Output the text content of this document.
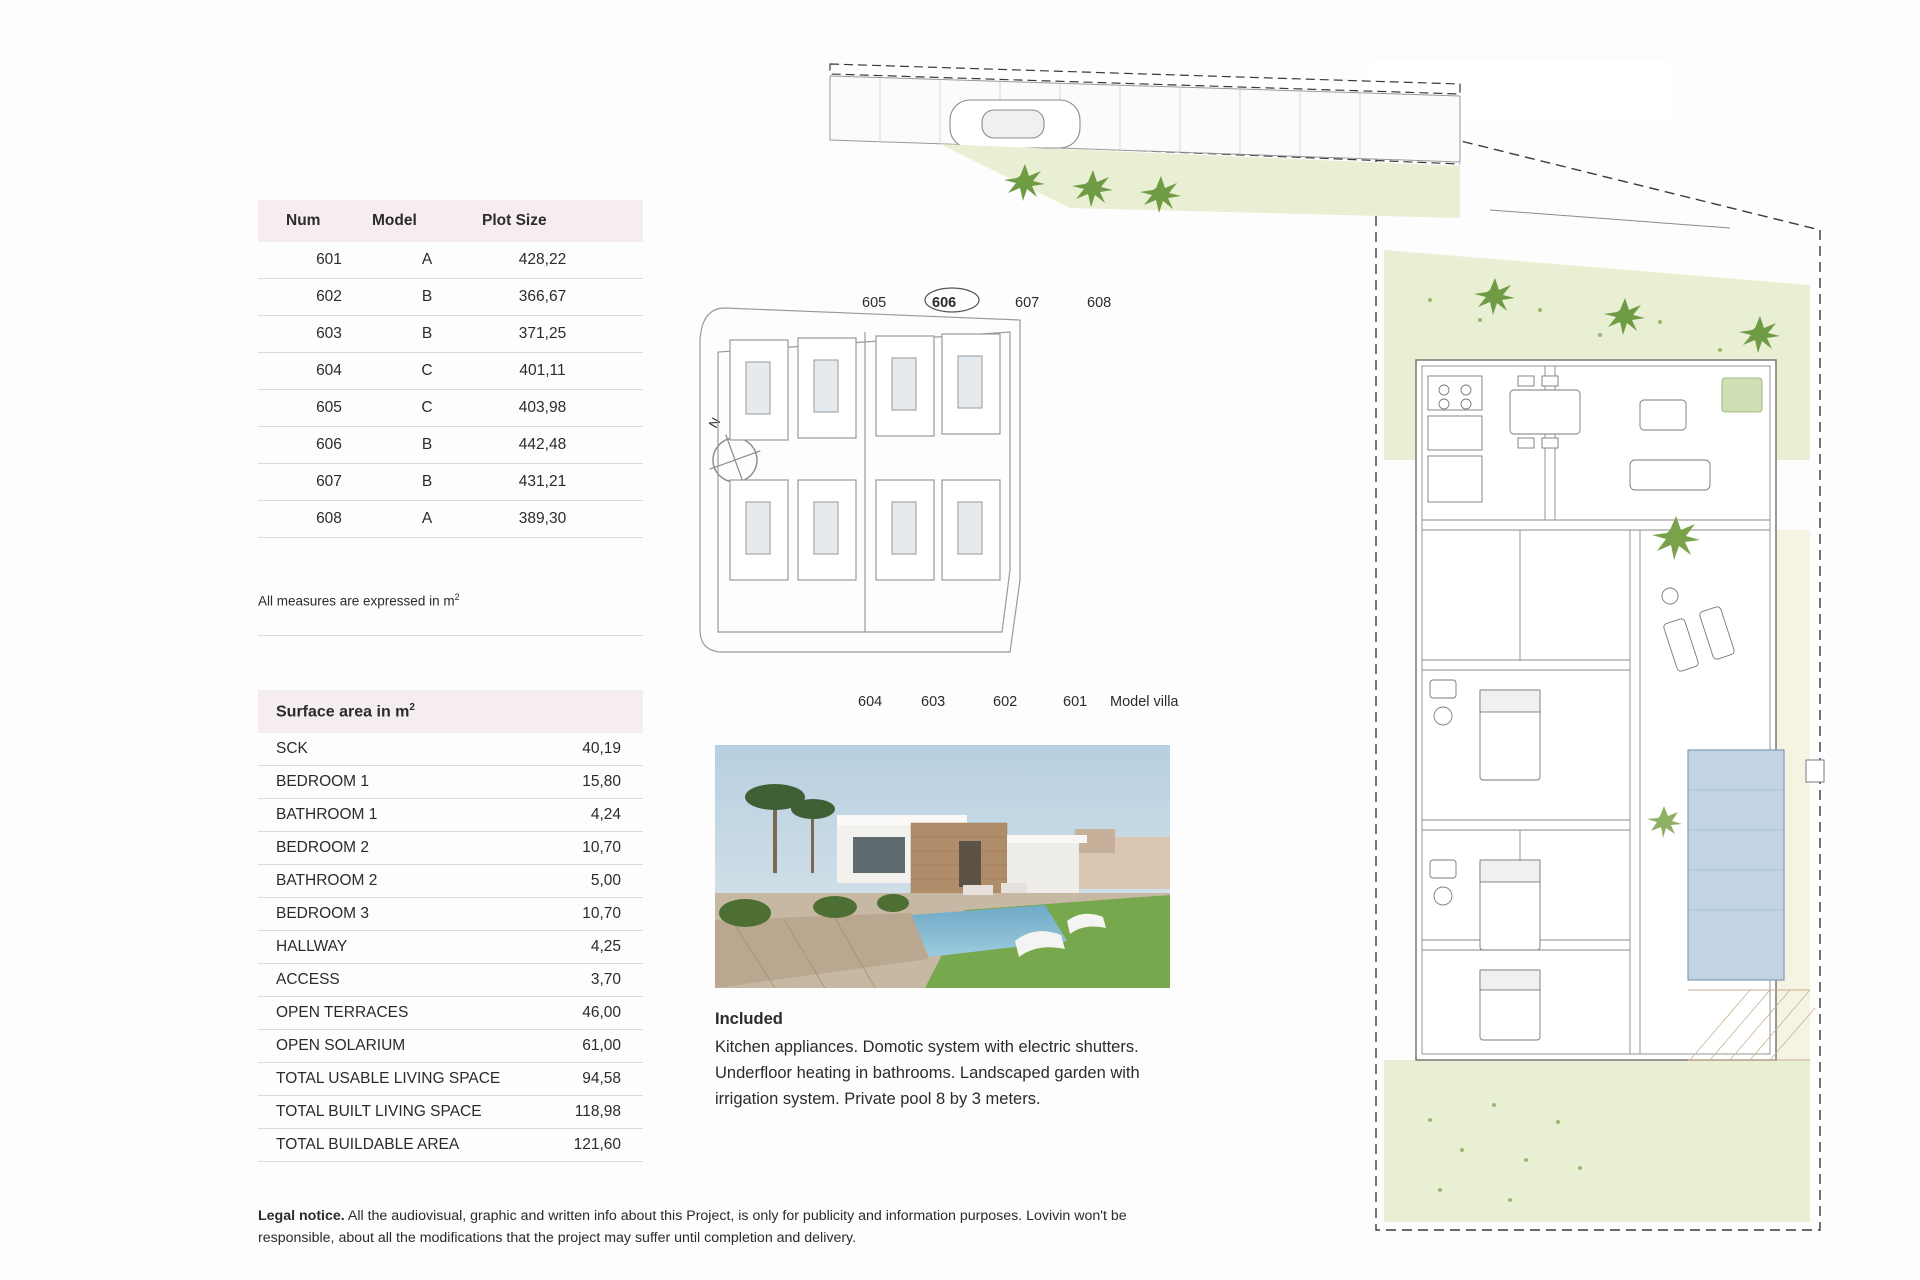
Num	Model	Plot Size
601	A	428,22
602	B	366,67
603	B	371,25
604	C	401,11
605	C	403,98
606	B	442,48
607	B	431,21
608	A	389,30
All measures are expressed in $m^2$
Surface area in $m^2$
SCK	40,19
BEDROOM 1	15,80
BATHROOM 1	4,24
BEDROOM 2	10,70
BATHROOM 2	5,00
BEDROOM 3	10,70
HALLWAY	4,25
ACCESS	3,70
OPEN TERRACES	46,00
OPEN SOLARIUM	61,00
TOTAL USABLE LIVING SPACE	94,58
TOTAL BUILT LIVING SPACE	118,98
TOTAL BUILDABLE AREA	121,60
N
605	606	607	608
604	603	602	601 Model villa
Included
Kitchen appliances. Domotic system with electric shutters. Underfloor heating in bathrooms. Landscaped garden with irrigation system. Private pool 8 by 3 meters.
Legal notice. All the audiovisual, graphic and written info about this Project, is only for publicity and information purposes. Lovivin won't be responsible, about all the modifications that the project may suffer until completion and delivery.
